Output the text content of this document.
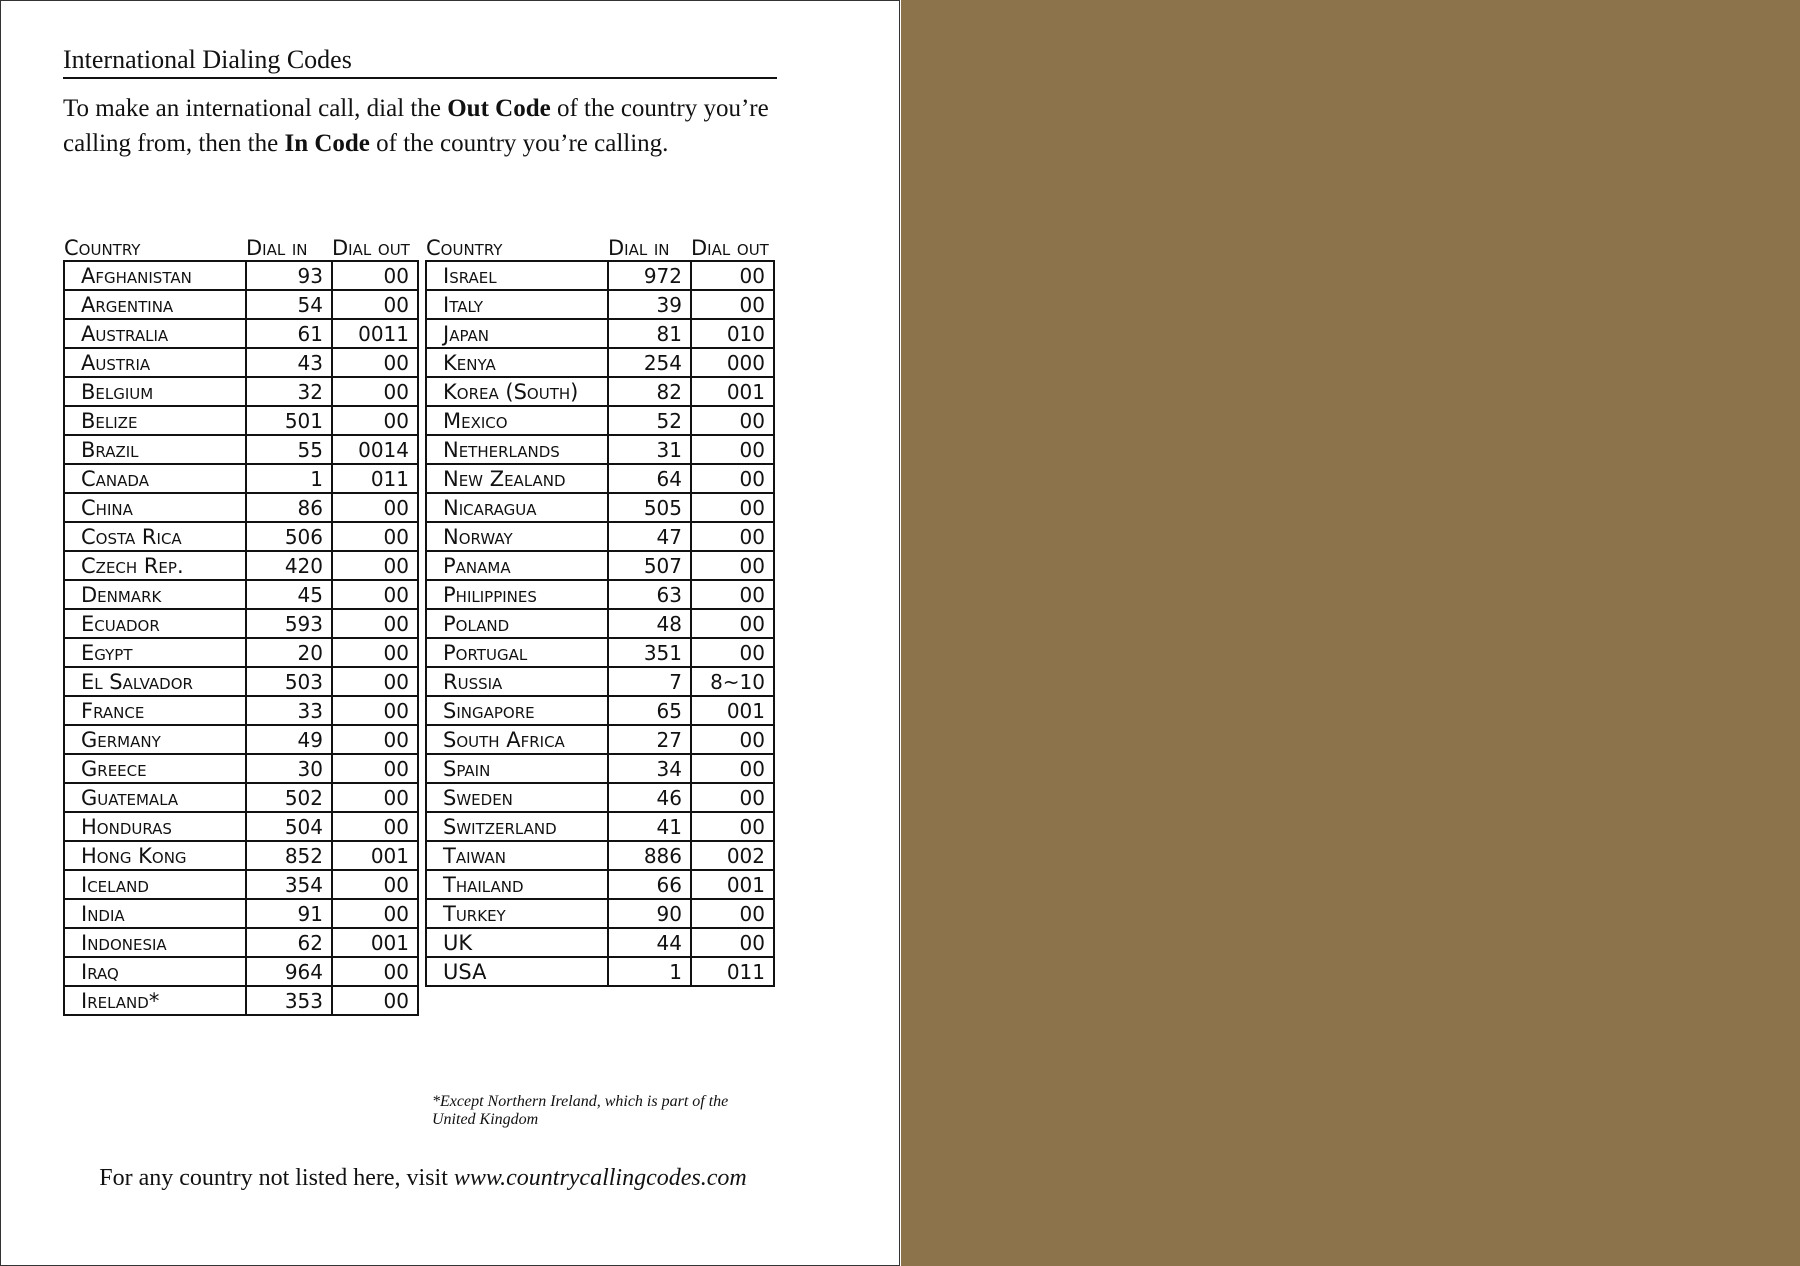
International Dialing Codes

To make an international call, dial the Out Code of the country you’re calling from, then the In Code of the country you’re calling.

Country	Dial in	Dial out
Afghanistan	93	00
Argentina	54	00
Australia	61	0011
Austria	43	00
Belgium	32	00
Belize	501	00
Brazil	55	0014
Canada	1	011
China	86	00
Costa Rica	506	00
Czech Rep.	420	00
Denmark	45	00
Ecuador	593	00
Egypt	20	00
El Salvador	503	00
France	33	00
Germany	49	00
Greece	30	00
Guatemala	502	00
Honduras	504	00
Hong Kong	852	001
Iceland	354	00
India	91	00
Indonesia	62	001
Iraq	964	00
Ireland*	353	00
Country	Dial in	Dial out
Israel	972	00
Italy	39	00
Japan	81	010
Kenya	254	000
Korea (South)	82	001
Mexico	52	00
Netherlands	31	00
New Zealand	64	00
Nicaragua	505	00
Norway	47	00
Panama	507	00
Philippines	63	00
Poland	48	00
Portugal	351	00
Russia	7	8~10
Singapore	65	001
South Africa	27	00
Spain	34	00
Sweden	46	00
Switzerland	41	00
Taiwan	886	002
Thailand	66	001
Turkey	90	00
UK	44	00
USA	1	011

*Except Northern Ireland, which is part of the United Kingdom

For any country not listed here, visit www.countrycallingcodes.com
